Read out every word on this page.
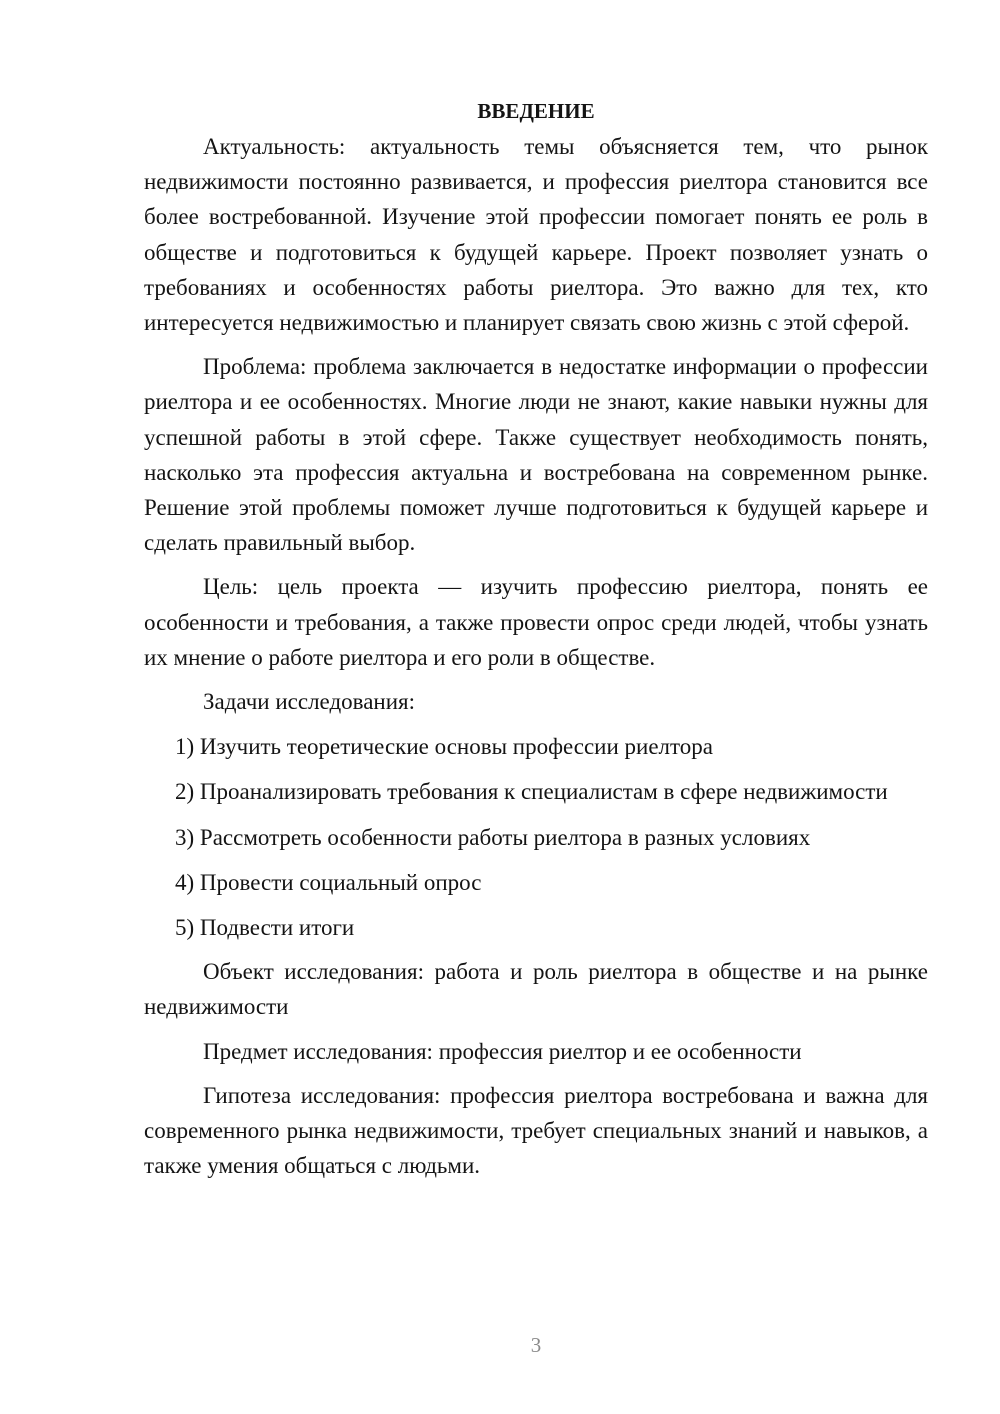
ВВЕДЕНИЕ

Актуальность: актуальность темы объясняется тем, что рынок недвижимости постоянно развивается, и профессия риелтора становится все более востребованной. Изучение этой профессии помогает понять ее роль в обществе и подготовиться к будущей карьере. Проект позволяет узнать о требованиях и особенностях работы риелтора. Это важно для тех, кто интересуется недвижимостью и планирует связать свою жизнь с этой сферой.

Проблема: проблема заключается в недостатке информации о профессии риелтора и ее особенностях. Многие люди не знают, какие навыки нужны для успешной работы в этой сфере. Также существует необходимость понять, насколько эта профессия актуальна и востребована на современном рынке. Решение этой проблемы поможет лучше подготовиться к будущей карьере и сделать правильный выбор.

Цель: цель проекта — изучить профессию риелтора, понять ее особенности и требования, а также провести опрос среди людей, чтобы узнать их мнение о работе риелтора и его роли в обществе.

Задачи исследования:

1) Изучить теоретические основы профессии риелтора

2) Проанализировать требования к специалистам в сфере недвижимости

3) Рассмотреть особенности работы риелтора в разных условиях

4) Провести социальный опрос

5) Подвести итоги

Объект исследования: работа и роль риелтора в обществе и на рынке недвижимости

Предмет исследования: профессия риелтор и ее особенности

Гипотеза исследования: профессия риелтора востребована и важна для современного рынка недвижимости, требует специальных знаний и навыков, а также умения общаться с людьми.

3
